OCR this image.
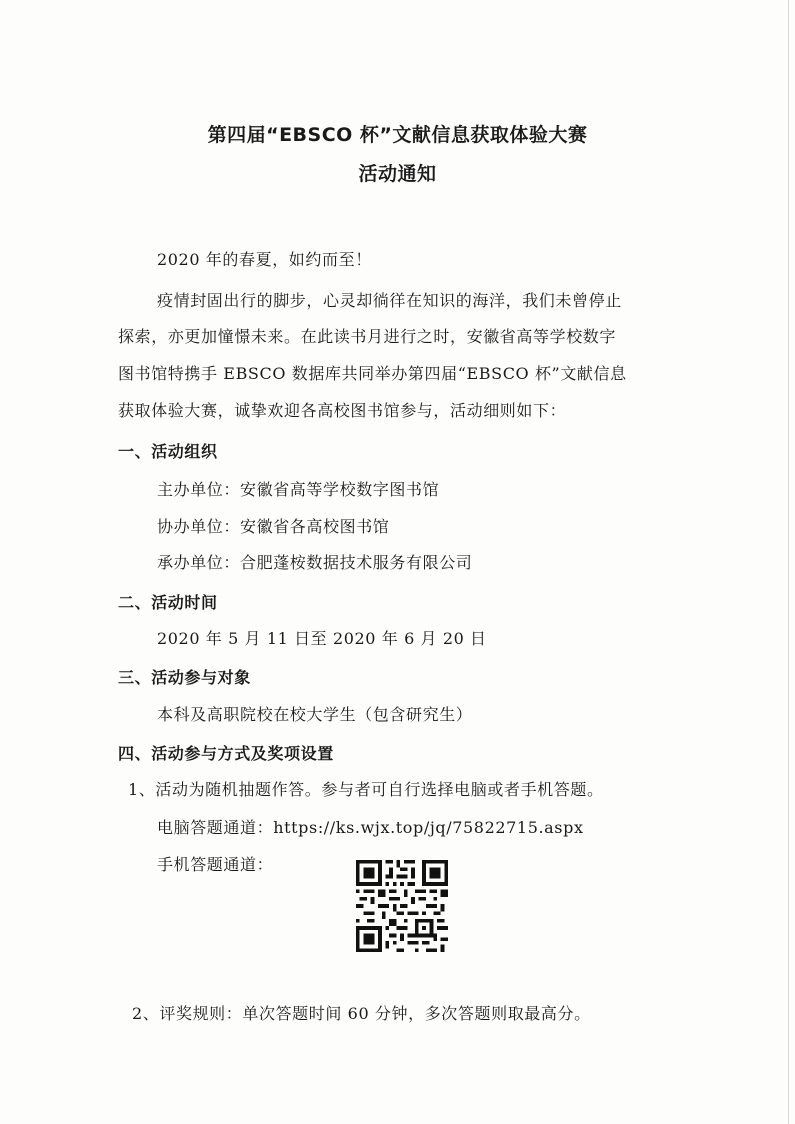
第四届“EBSCO 杯”文献信息获取体验大赛
活动通知
2020 年的春夏，如约而至！
疫情封固出行的脚步，心灵却徜徉在知识的海洋，我们未曾停止
探索，亦更加憧憬未来。在此读书月进行之时，安徽省高等学校数字
图书馆特携手 EBSCO 数据库共同举办第四届“EBSCO 杯”文献信息
获取体验大赛，诚挚欢迎各高校图书馆参与，活动细则如下：
一、活动组织
主办单位：安徽省高等学校数字图书馆
协办单位：安徽省各高校图书馆
承办单位：合肥蓬桉数据技术服务有限公司
二、活动时间
2020 年 5 月 11 日至 2020 年 6 月 20 日
三、活动参与对象
本科及高职院校在校大学生（包含研究生）
四、活动参与方式及奖项设置
1、活动为随机抽题作答。参与者可自行选择电脑或者手机答题。
电脑答题通道：https://ks.wjx.top/jq/75822715.aspx
手机答题通道：
2、评奖规则：单次答题时间 60 分钟，多次答题则取最高分。
